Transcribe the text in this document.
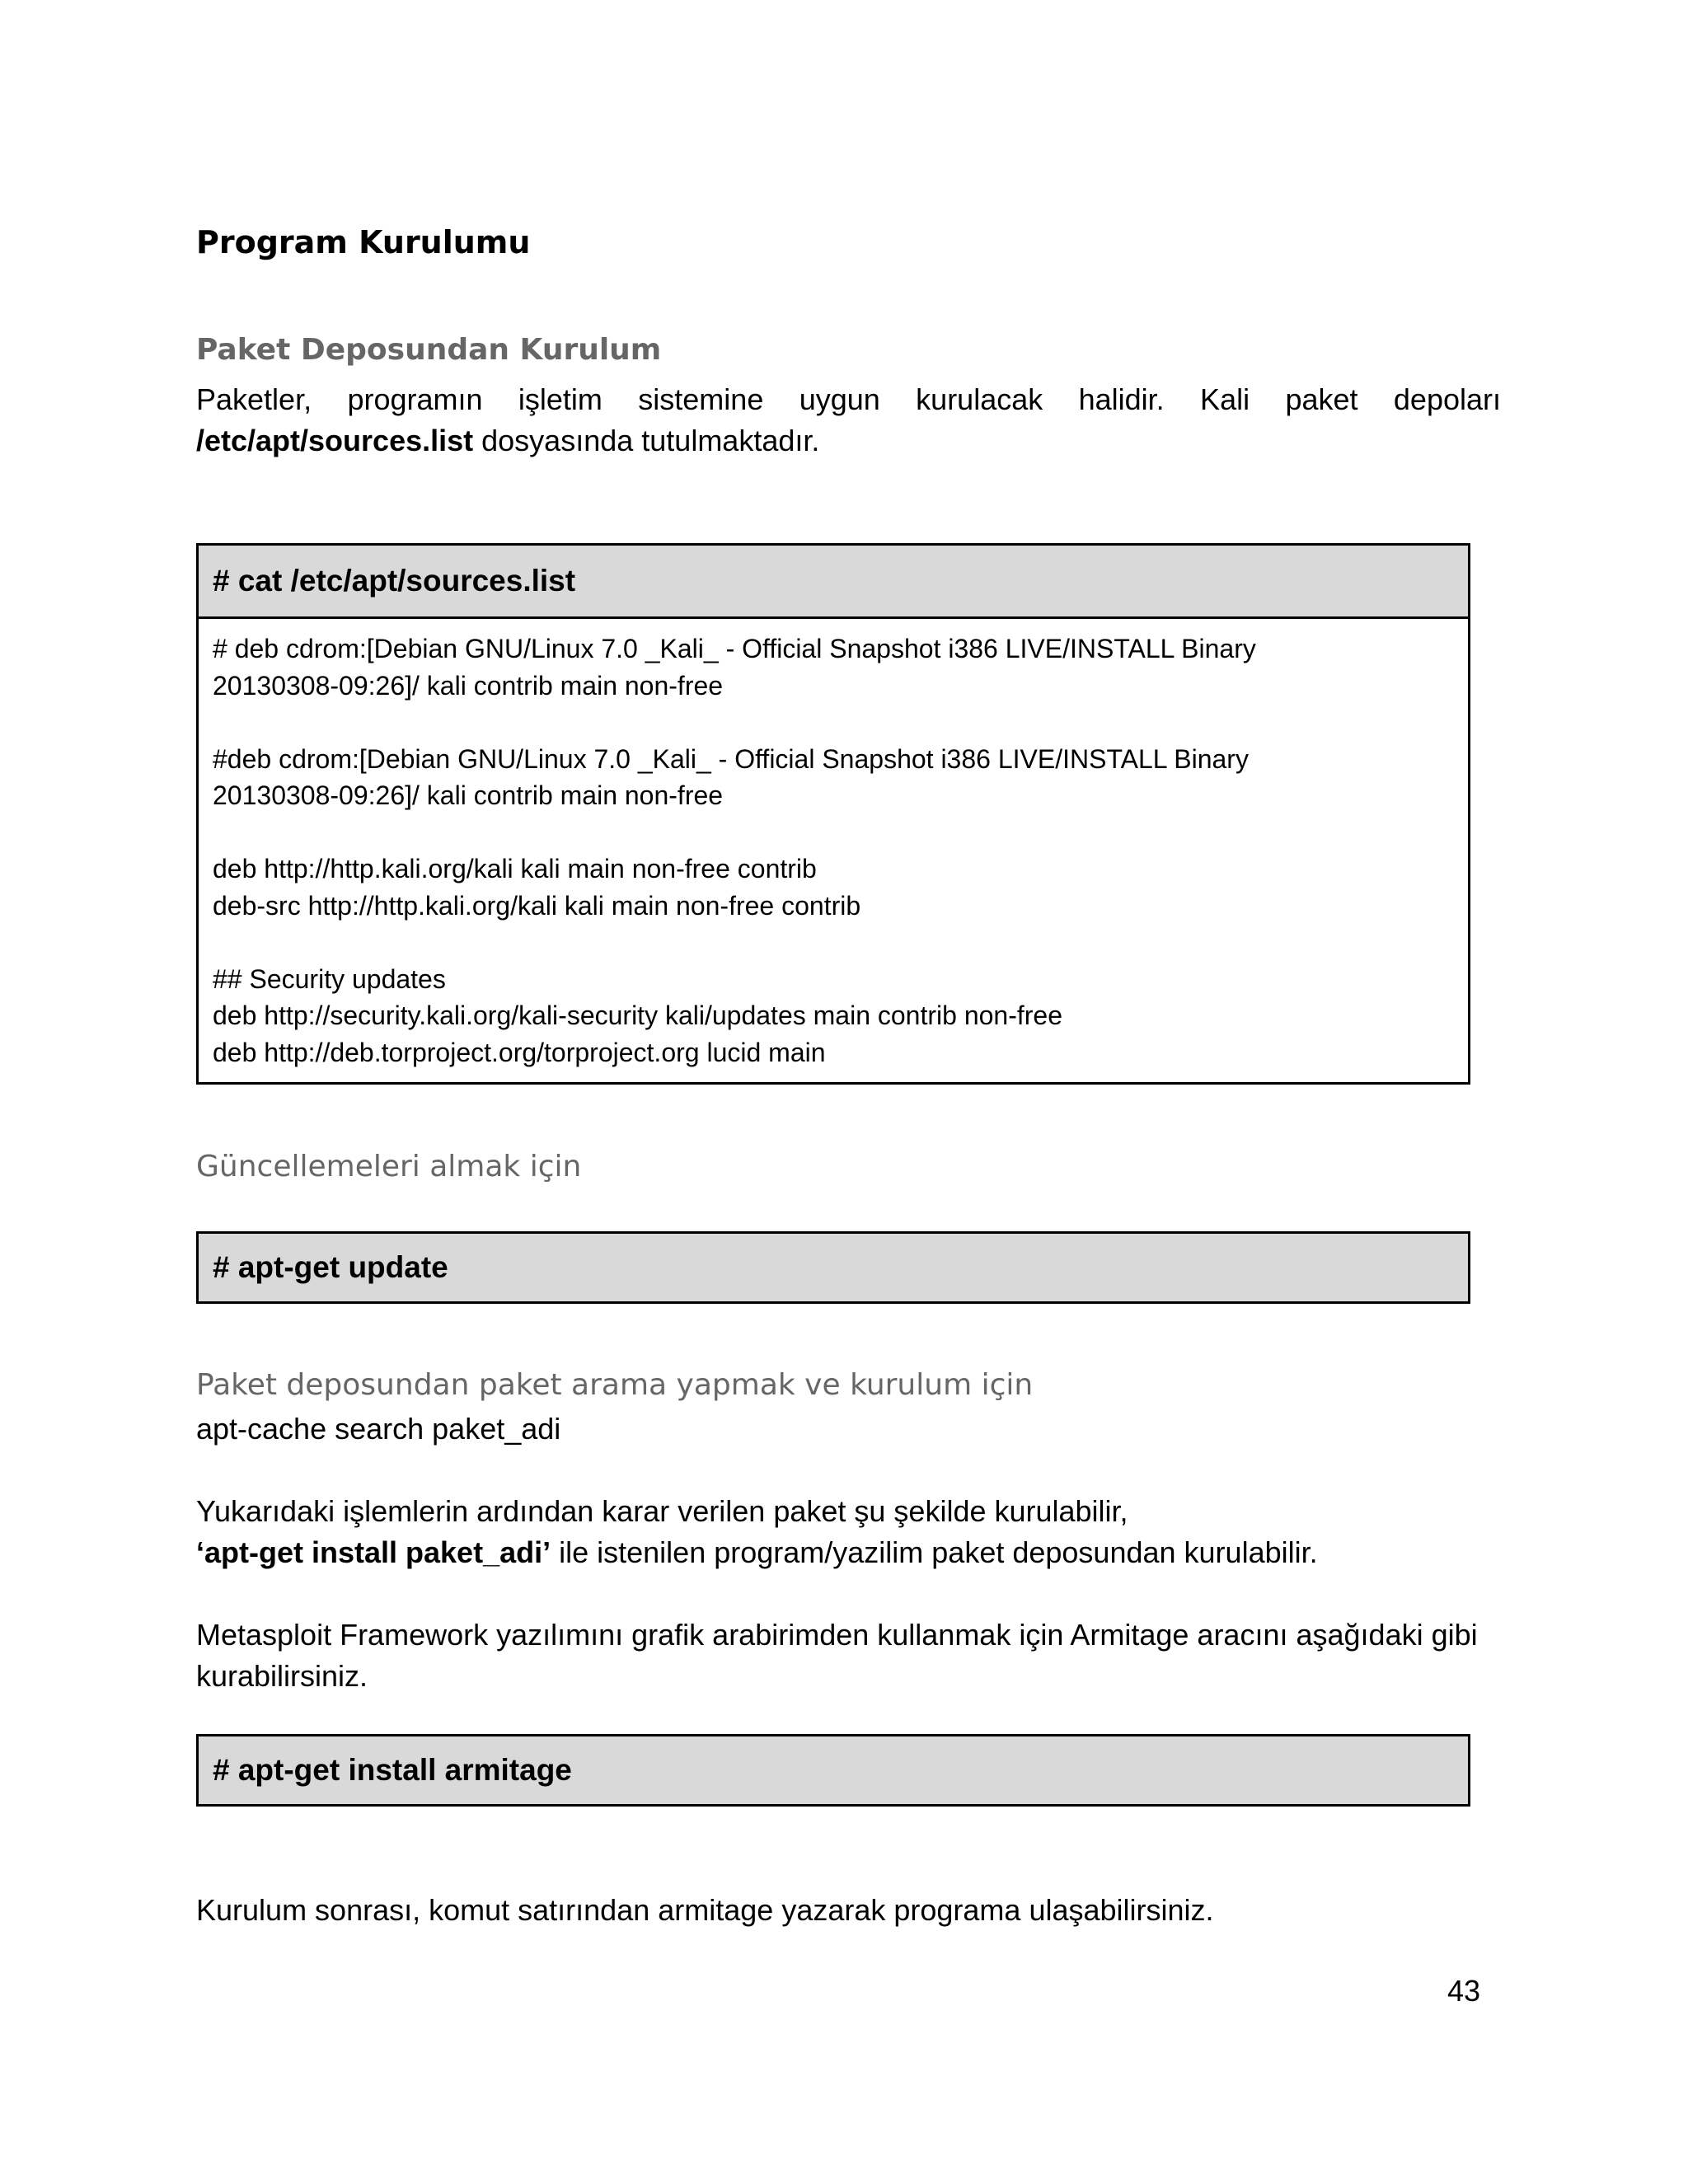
Program Kurulumu
Paket Deposundan Kurulum
Paketler, programın işletim sistemine uygun kurulacak halidir. Kali paket depoları
/etc/apt/sources.list dosyasında tutulmaktadır.
# cat /etc/apt/sources.list
# deb cdrom:[Debian GNU/Linux 7.0 _Kali_ - Official Snapshot i386 LIVE/INSTALL Binary
20130308-09:26]/ kali contrib main non-free
#deb cdrom:[Debian GNU/Linux 7.0 _Kali_ - Official Snapshot i386 LIVE/INSTALL Binary
20130308-09:26]/ kali contrib main non-free
deb http://http.kali.org/kali kali main non-free contrib
deb-src http://http.kali.org/kali kali main non-free contrib
## Security updates
deb http://security.kali.org/kali-security kali/updates main contrib non-free
deb http://deb.torproject.org/torproject.org lucid main
Güncellemeleri almak için
# apt-get update
Paket deposundan paket arama yapmak ve kurulum için
apt-cache search paket_adi
Yukarıdaki işlemlerin ardından karar verilen paket şu şekilde kurulabilir,
‘apt-get install paket_adi’ ile istenilen program/yazilim paket deposundan kurulabilir.
Metasploit Framework yazılımını grafik arabirimden kullanmak için Armitage aracını aşağıdaki gibi
kurabilirsiniz.
# apt-get install armitage
Kurulum sonrası, komut satırından armitage yazarak programa ulaşabilirsiniz.
43
